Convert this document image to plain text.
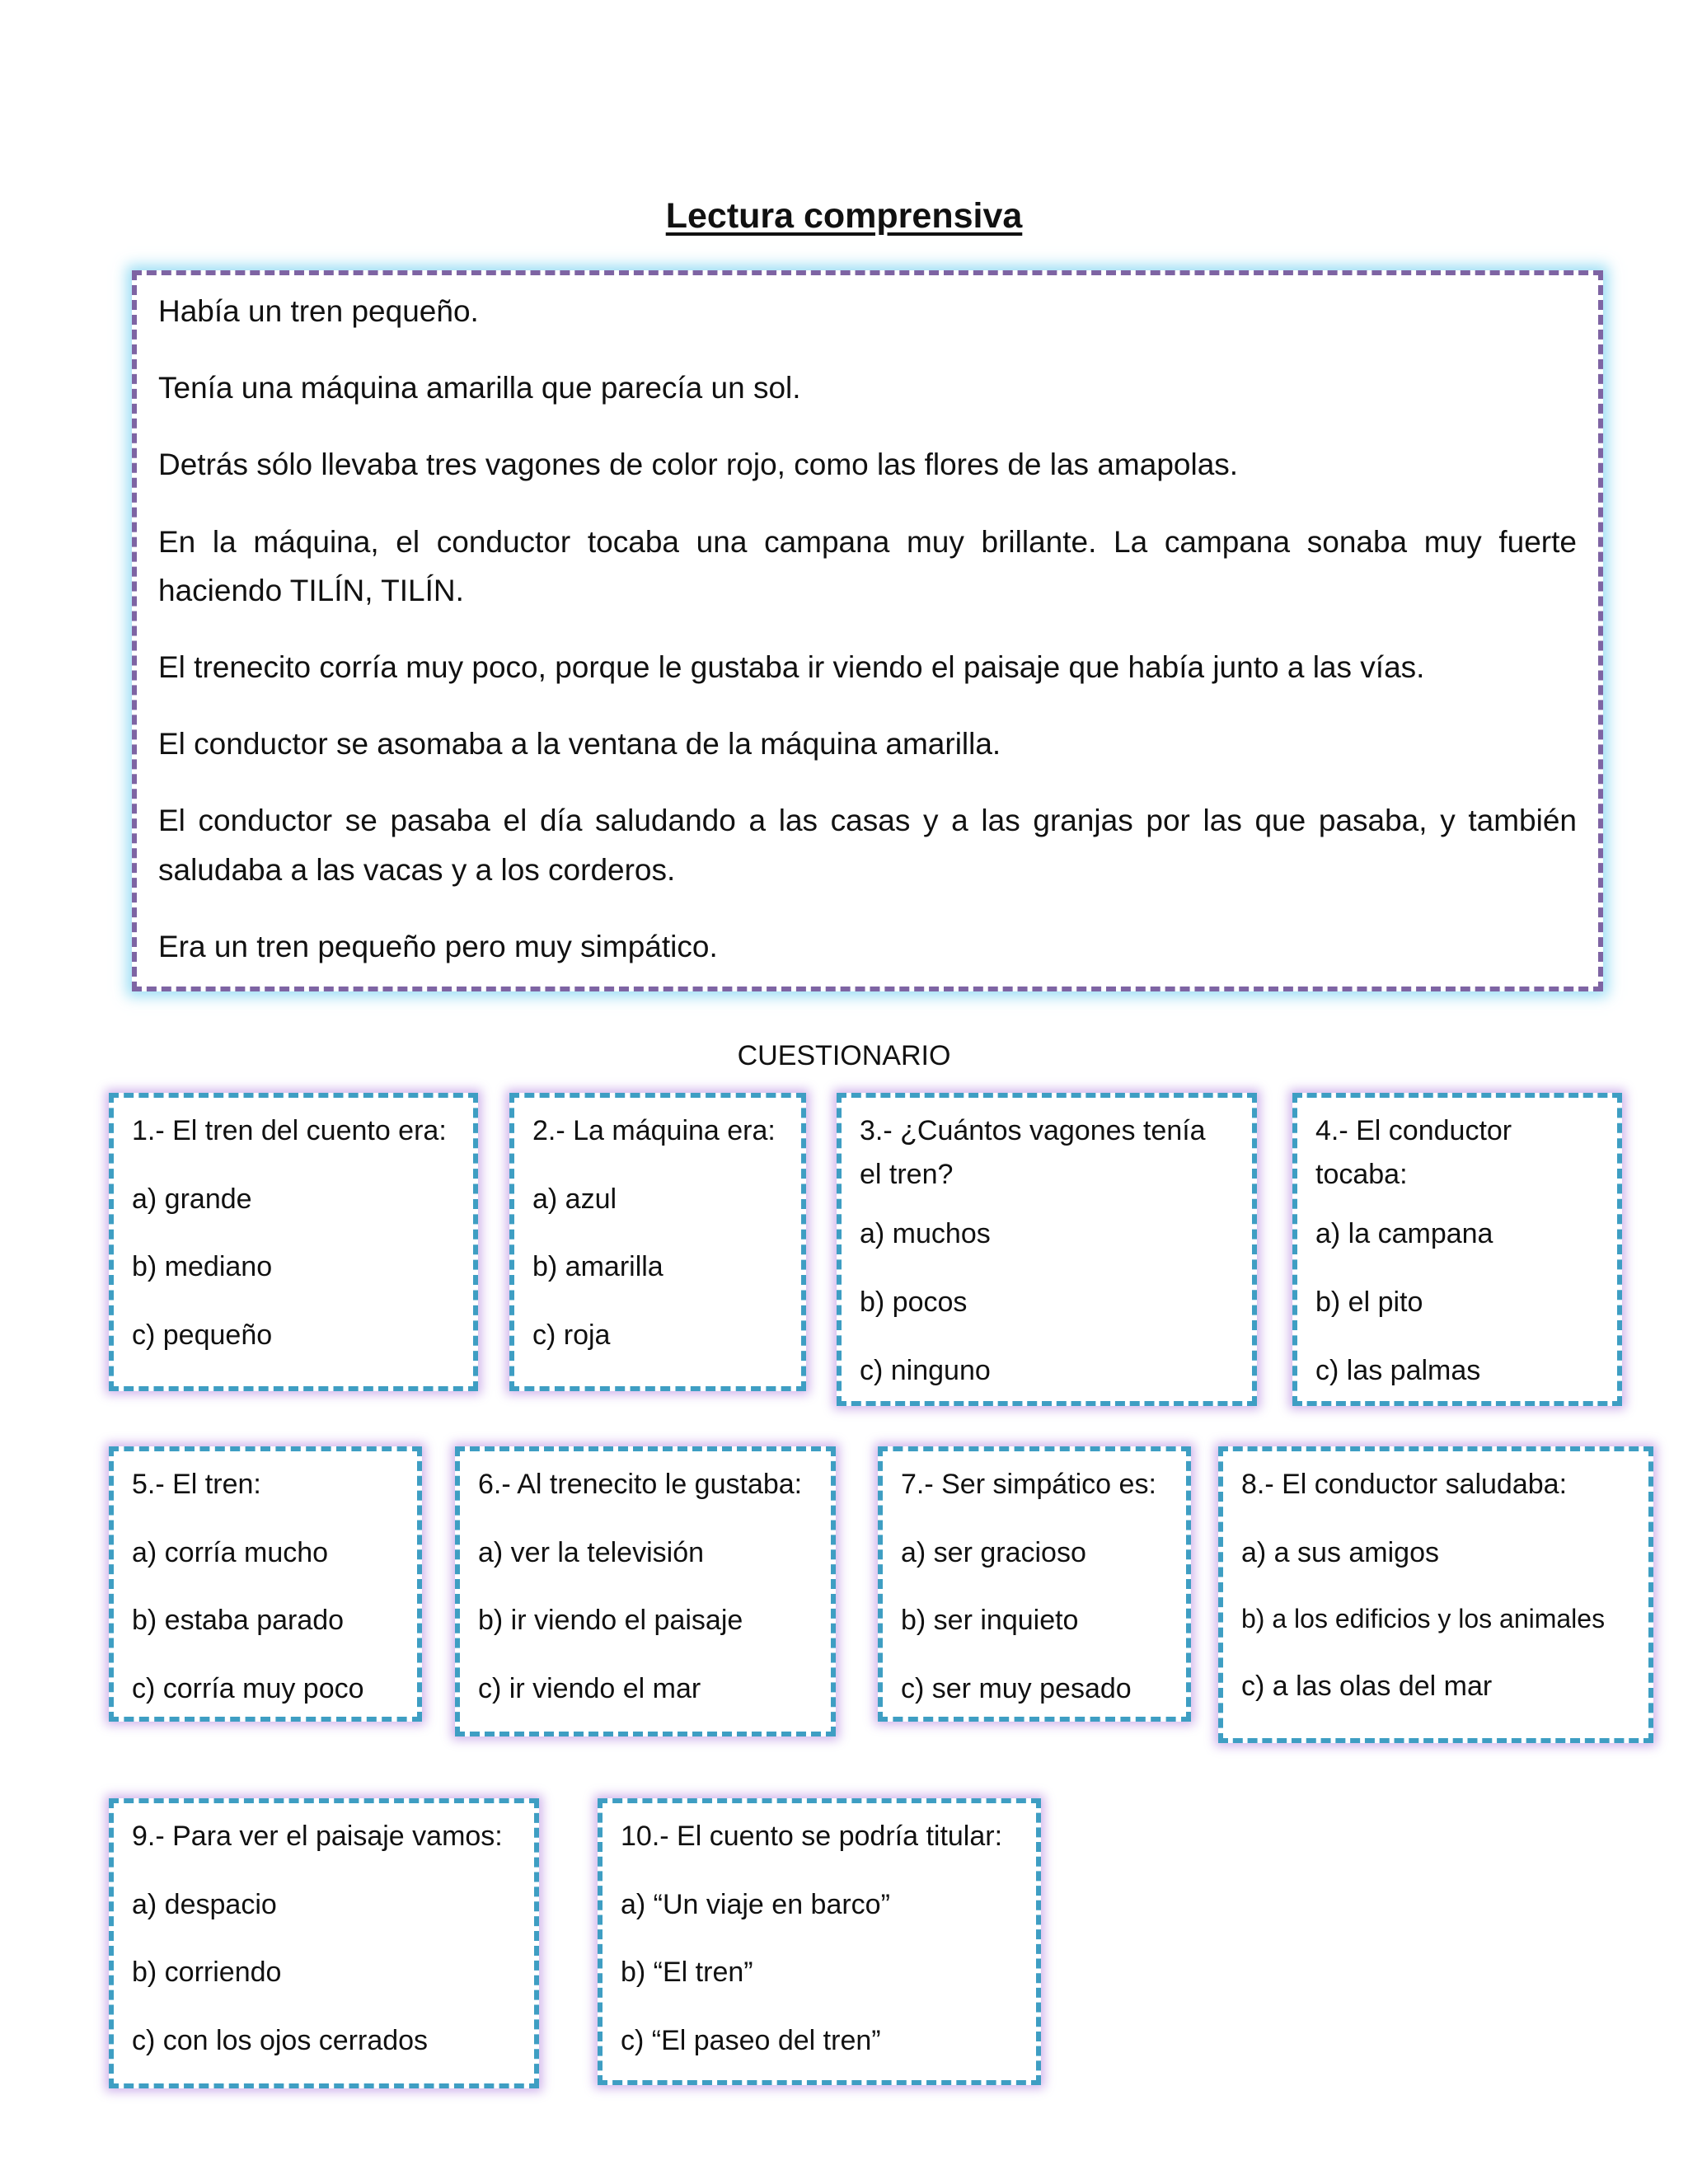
Lectura comprensiva

Había un tren pequeño.

Tenía una máquina amarilla que parecía un sol.

Detrás sólo llevaba tres vagones de color rojo, como las flores de las amapolas.

En la máquina, el conductor tocaba una campana muy brillante. La campana sonaba muy fuerte haciendo TILÍN, TILÍN.

El trenecito corría muy poco, porque le gustaba ir viendo el paisaje que había junto a las vías.

El conductor se asomaba a la ventana de la máquina amarilla.

El conductor se pasaba el día saludando a las casas y a las granjas por las que pasaba, y también saludaba a las vacas y a los corderos.

Era un tren pequeño pero muy simpático.

CUESTIONARIO
1.- El tren del cuento era:
a) grande
b) mediano
c) pequeño
2.- La máquina era:
a) azul
b) amarilla
c) roja
3.- ¿Cuántos vagones tenía el tren?
a) muchos
b) pocos
c) ninguno
4.- El conductor tocaba:
a) la campana
b) el pito
c) las palmas
5.- El tren:
a) corría mucho
b) estaba parado
c) corría muy poco
6.- Al trenecito le gustaba:
a) ver la televisión
b) ir viendo el paisaje
c) ir viendo el mar
7.- Ser simpático es:
a) ser gracioso
b) ser inquieto
c) ser muy pesado
8.- El conductor saludaba:
a) a sus amigos
b) a los edificios y los animales
c) a las olas del mar
9.- Para ver el paisaje vamos:
a) despacio
b) corriendo
c) con los ojos cerrados
10.- El cuento se podría titular:
a) “Un viaje en barco”
b) “El tren”
c) “El paseo del tren”
